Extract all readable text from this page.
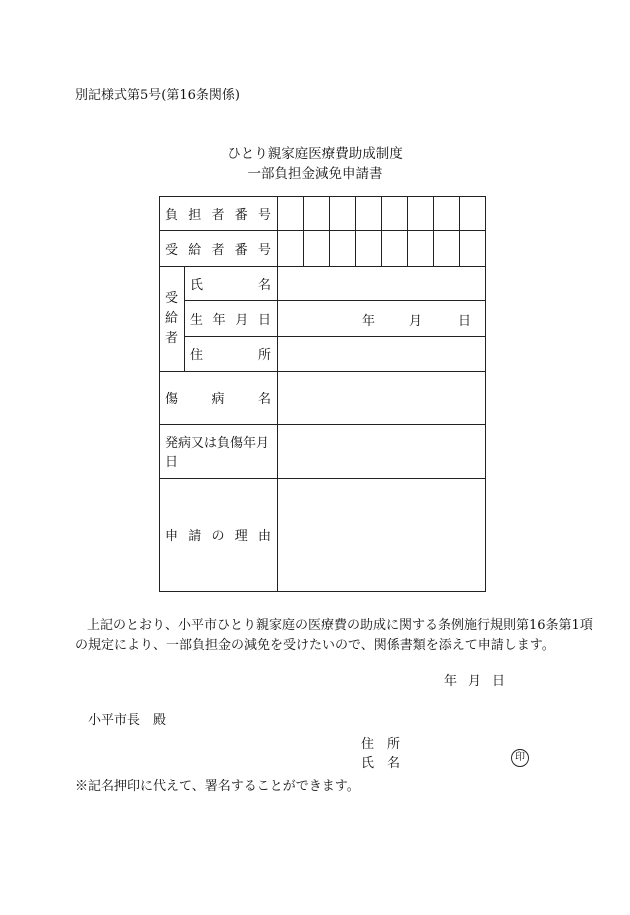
別記様式第5号(第16条関係)
ひとり親家庭医療費助成制度
一部負担金減免申請書
負 担 者 番 号
受 給 者 番 号
受
給
者
氏	名
生 年 月 日	年	月	日
住	所
傷	病	名
発病又は負傷年月日
申 請 の 理 由
上記のとおり、小平市ひとり親家庭の医療費の助成に関する条例施行規則第16条第1項
の規定により、一部負担金の減免を受けたいので、関係書類を添えて申請します。
年 月 日
小平市長　殿
住　所
氏　名	印
※記名押印に代えて、署名することができます。
